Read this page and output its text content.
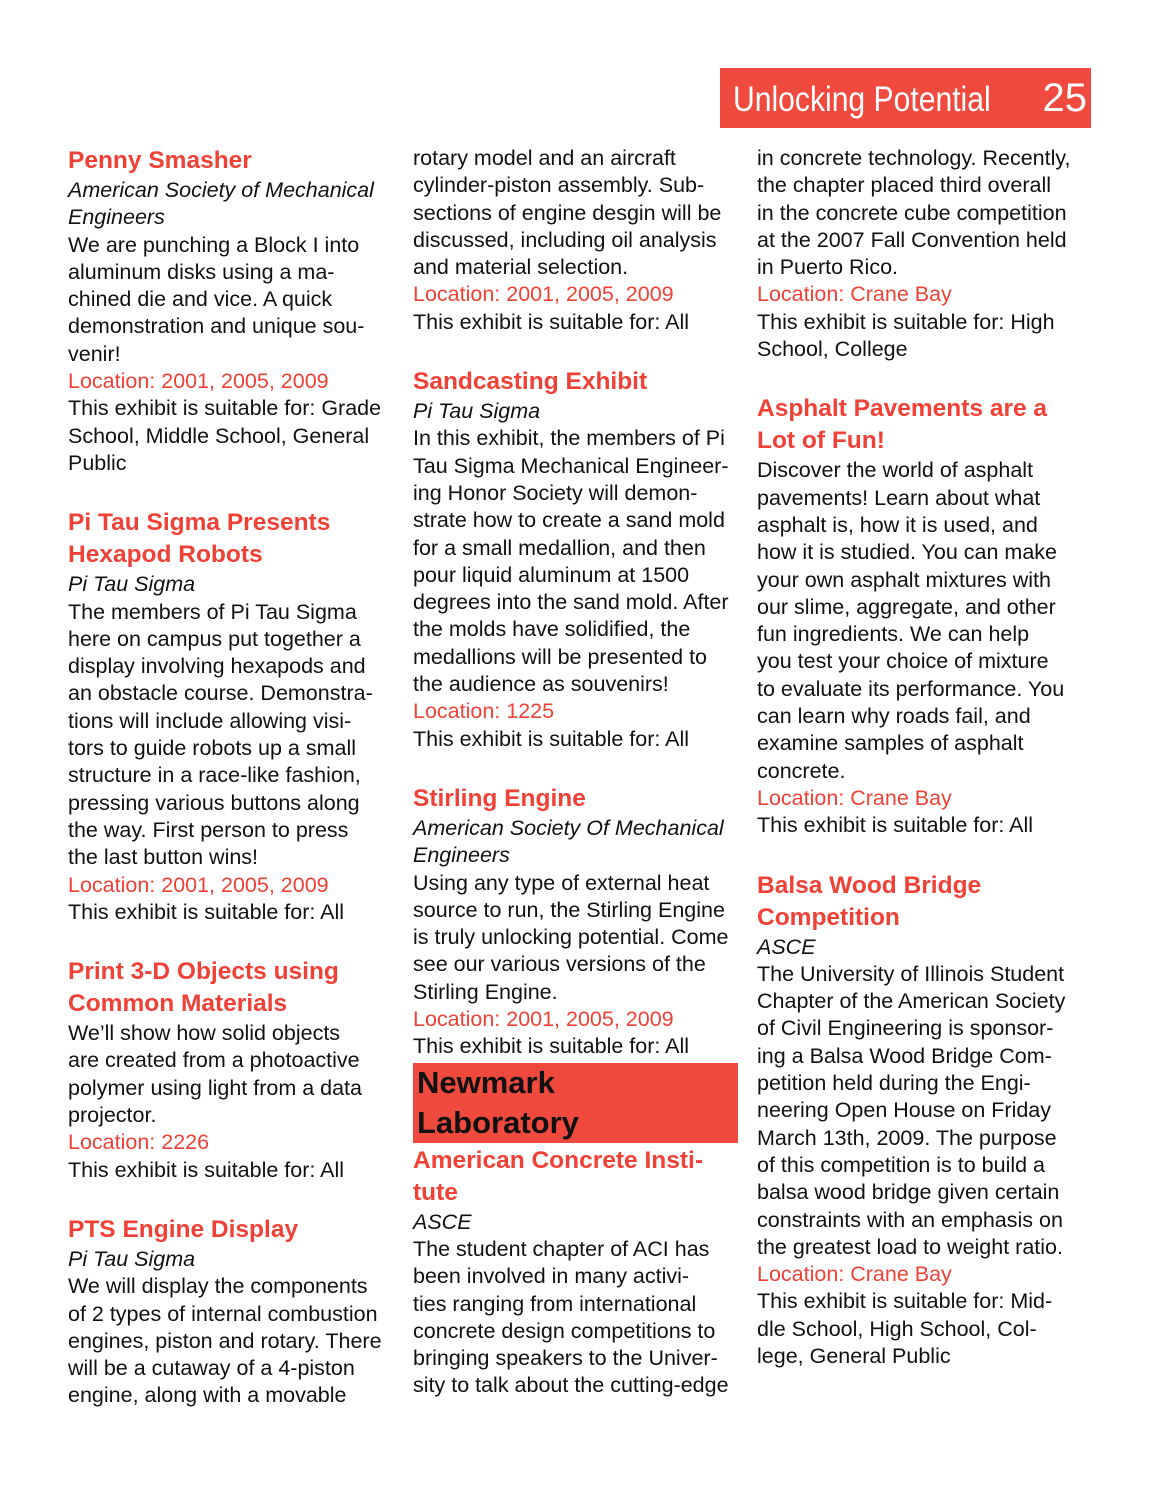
Unlocking Potential 25
Penny Smasher
American Society of Mechanical
Engineers
We are punching a Block I into
aluminum disks using a ma-
chined die and vice. A quick
demonstration and unique sou-
venir!
Location: 2001, 2005, 2009
This exhibit is suitable for: Grade
School, Middle School, General
Public
Pi Tau Sigma Presents
Hexapod Robots
Pi Tau Sigma
The members of Pi Tau Sigma
here on campus put together a
display involving hexapods and
an obstacle course. Demonstra-
tions will include allowing visi-
tors to guide robots up a small
structure in a race-like fashion,
pressing various buttons along
the way. First person to press
the last button wins!
Location: 2001, 2005, 2009
This exhibit is suitable for: All
Print 3-D Objects using
Common Materials
We’ll show how solid objects
are created from a photoactive
polymer using light from a data
projector.
Location: 2226
This exhibit is suitable for: All
PTS Engine Display
Pi Tau Sigma
We will display the components
of 2 types of internal combustion
engines, piston and rotary. There
will be a cutaway of a 4-piston
engine, along with a movable
rotary model and an aircraft
cylinder-piston assembly. Sub-
sections of engine desgin will be
discussed, including oil analysis
and material selection.
Location: 2001, 2005, 2009
This exhibit is suitable for: All
Sandcasting Exhibit
Pi Tau Sigma
In this exhibit, the members of Pi
Tau Sigma Mechanical Engineer-
ing Honor Society will demon-
strate how to create a sand mold
for a small medallion, and then
pour liquid aluminum at 1500
degrees into the sand mold. After
the molds have solidified, the
medallions will be presented to
the audience as souvenirs!
Location: 1225
This exhibit is suitable for: All
Stirling Engine
American Society Of Mechanical
Engineers
Using any type of external heat
source to run, the Stirling Engine
is truly unlocking potential. Come
see our various versions of the
Stirling Engine.
Location: 2001, 2005, 2009
This exhibit is suitable for: All
Newmark
Laboratory
American Concrete Insti-
tute
ASCE
The student chapter of ACI has
been involved in many activi-
ties ranging from international
concrete design competitions to
bringing speakers to the Univer-
sity to talk about the cutting-edge
in concrete technology. Recently,
the chapter placed third overall
in the concrete cube competition
at the 2007 Fall Convention held
in Puerto Rico.
Location: Crane Bay
This exhibit is suitable for: High
School, College
Asphalt Pavements are a
Lot of Fun!
Discover the world of asphalt
pavements! Learn about what
asphalt is, how it is used, and
how it is studied. You can make
your own asphalt mixtures with
our slime, aggregate, and other
fun ingredients. We can help
you test your choice of mixture
to evaluate its performance. You
can learn why roads fail, and
examine samples of asphalt
concrete.
Location: Crane Bay
This exhibit is suitable for: All
Balsa Wood Bridge
Competition
ASCE
The University of Illinois Student
Chapter of the American Society
of Civil Engineering is sponsor-
ing a Balsa Wood Bridge Com-
petition held during the Engi-
neering Open House on Friday
March 13th, 2009. The purpose
of this competition is to build a
balsa wood bridge given certain
constraints with an emphasis on
the greatest load to weight ratio.
Location: Crane Bay
This exhibit is suitable for: Mid-
dle School, High School, Col-
lege, General Public
